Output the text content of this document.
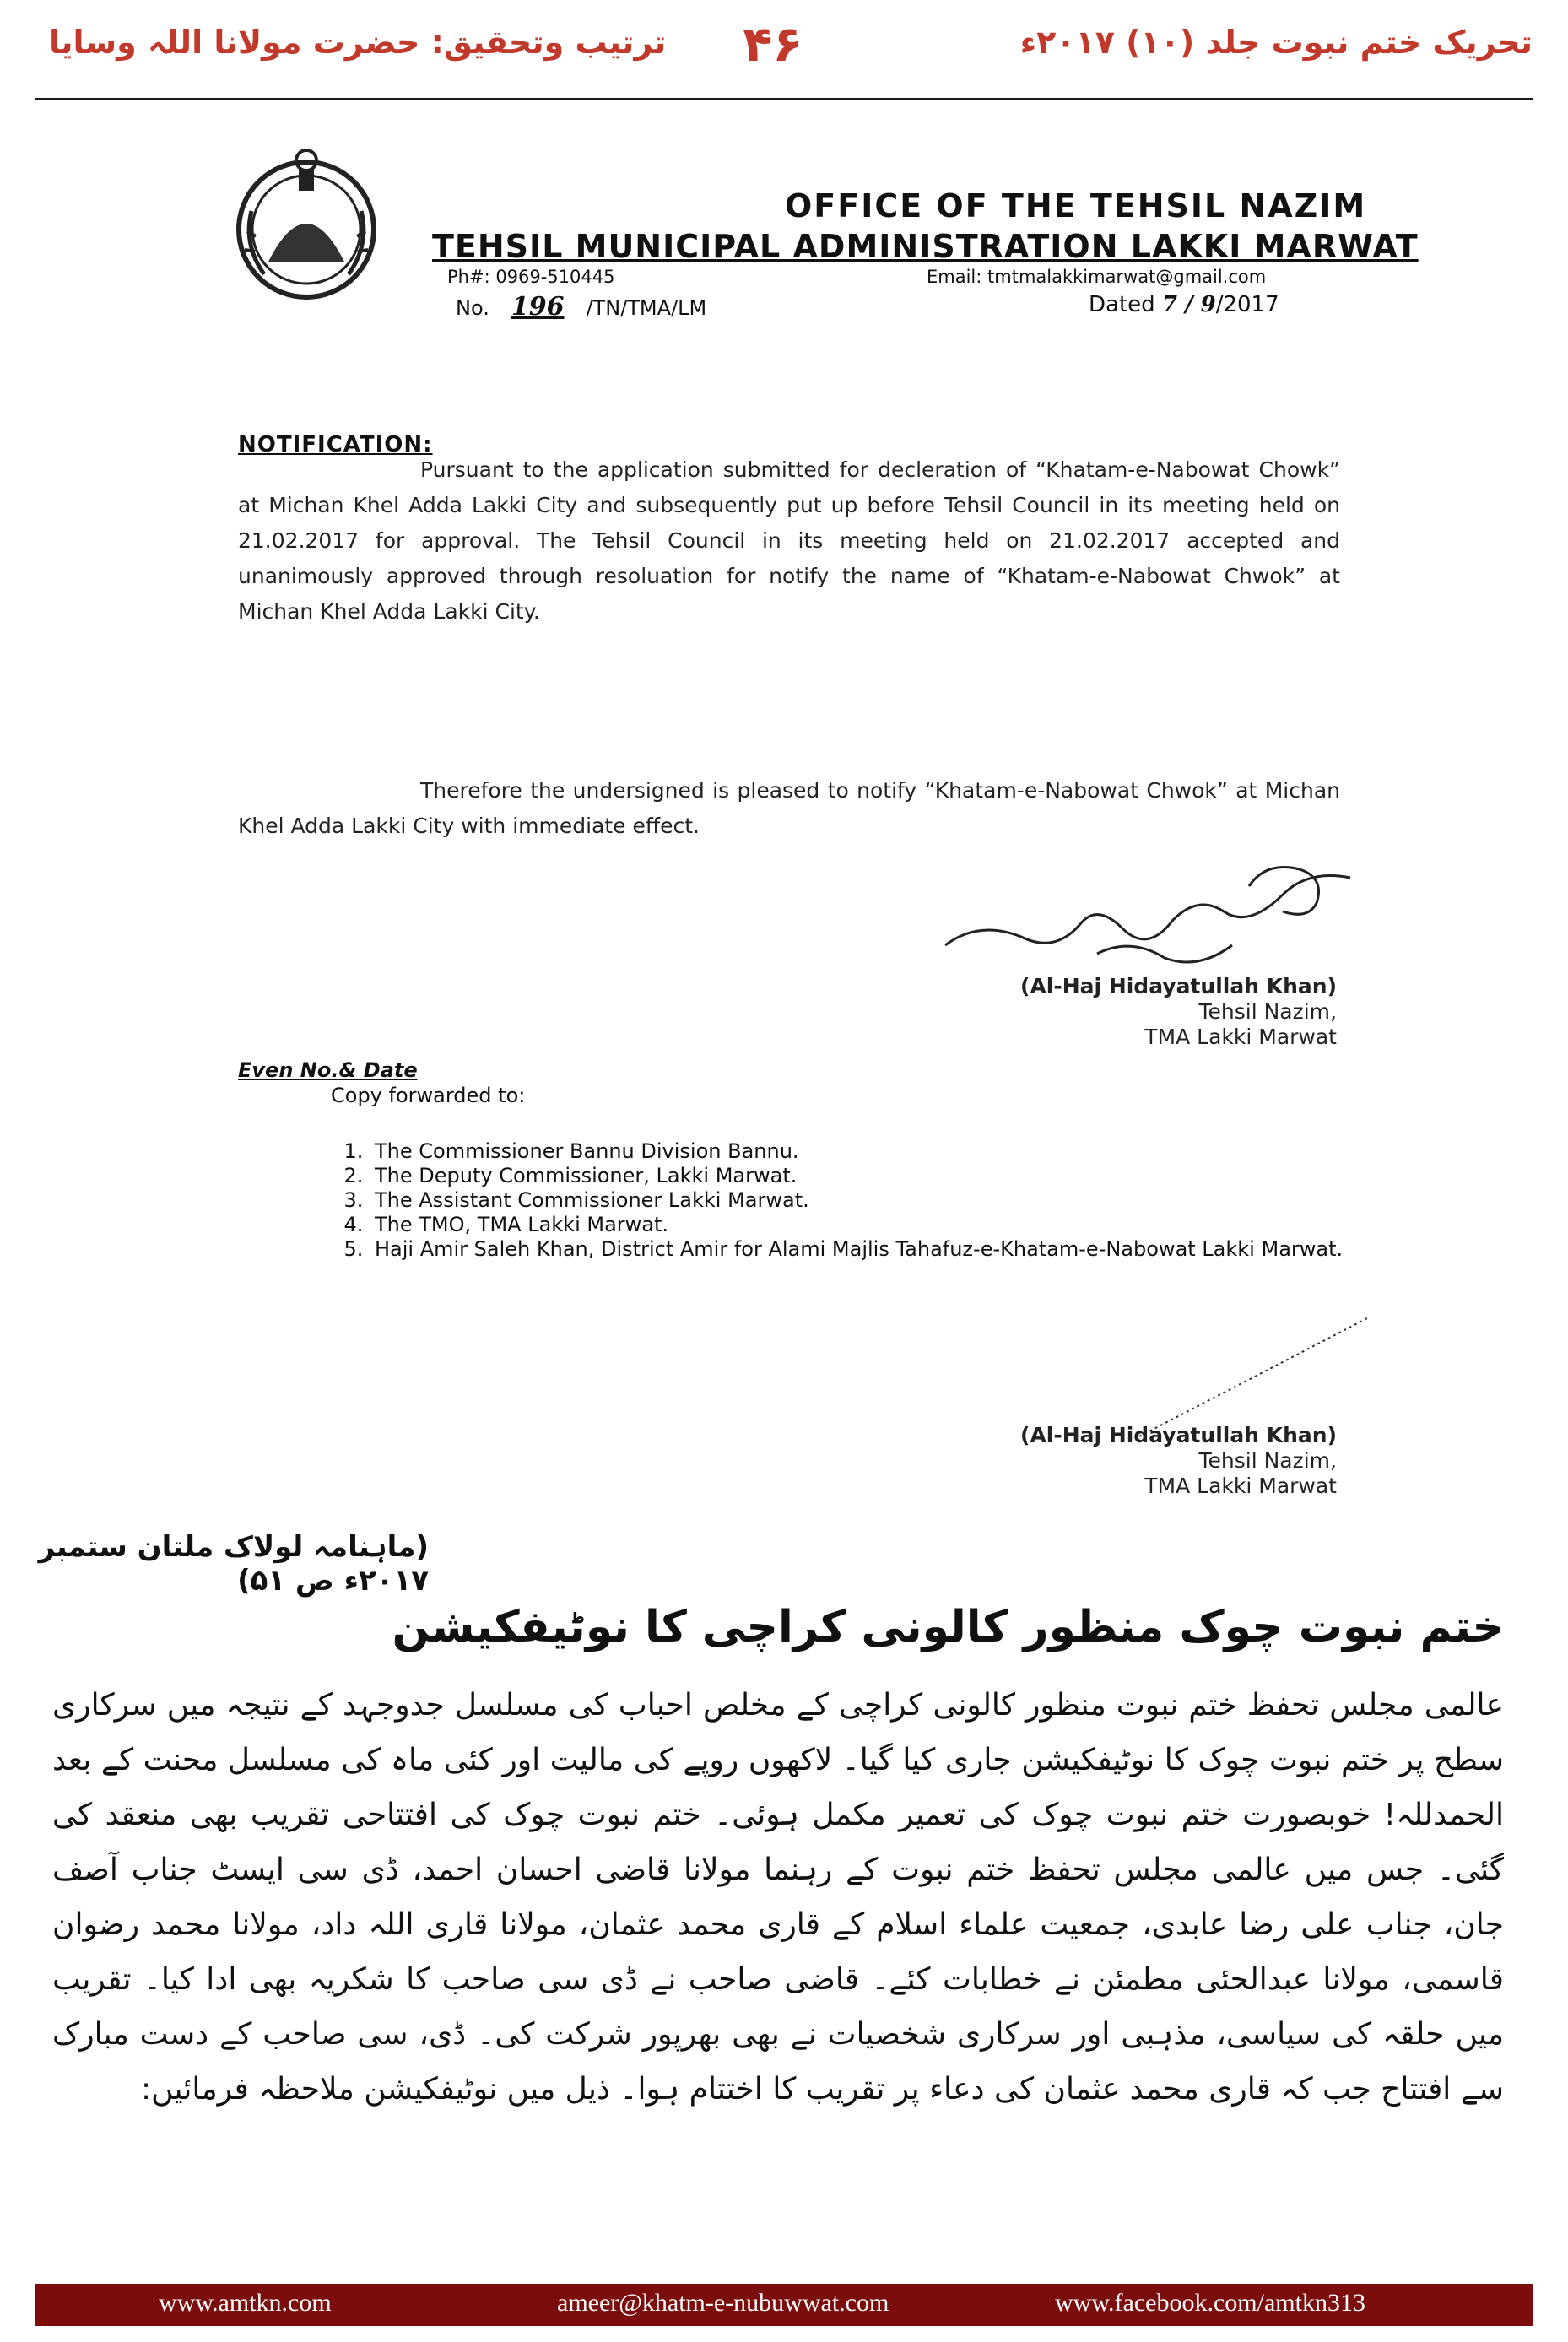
ترتیب وتحقیق: حضرت مولانا اللہ وسایا ۴۶	تحریک ختم نبوت جلد (۱۰) ۲۰۱۷ء
OFFICE OF THE TEHSIL NAZIM
TEHSIL MUNICIPAL ADMINISTRATION LAKKI MARWAT
Ph#: 0969-510445	Email: tmtmalakkimarwat@gmail.com
No. 196 /TN/TMA/LM	Dated 7 / 9/2017
NOTIFICATION:
Pursuant to the application submitted for decleration of “Khatam-e-Nabowat Chowk” at Michan Khel Adda Lakki City and subsequently put up before Tehsil Council in its meeting held on 21.02.2017 for approval. The Tehsil Council in its meeting held on 21.02.2017 accepted and unanimously approved through resoluation for notify the name of “Khatam-e-Nabowat Chwok” at Michan Khel Adda Lakki City.
Therefore the undersigned is pleased to notify “Khatam-e-Nabowat Chwok” at Michan Khel Adda Lakki City with immediate effect.
(Al-Haj Hidayatullah Khan)
Tehsil Nazim,
TMA Lakki Marwat
Even No.& Date
Copy forwarded to:
1. The Commissioner Bannu Division Bannu.
2. The Deputy Commissioner, Lakki Marwat.
3. The Assistant Commissioner Lakki Marwat.
4. The TMO, TMA Lakki Marwat.
5. Haji Amir Saleh Khan, District Amir for Alami Majlis Tahafuz-e-Khatam-e-Nabowat Lakki Marwat.
(Al-Haj Hidayatullah Khan)
Tehsil Nazim,
TMA Lakki Marwat
(ماہنامہ لولاک ملتان ستمبر ۲۰۱۷ء ص ۵۱)
ختم نبوت چوک منظور کالونی کراچی کا نوٹیفکیشن
عالمی مجلس تحفظ ختم نبوت منظور کالونی کراچی کے مخلص احباب کی مسلسل جدوجہد کے نتیجہ میں سرکاری سطح پر ختم نبوت چوک کا نوٹیفکیشن جاری کیا گیا۔ لاکھوں روپے کی مالیت اور کئی ماہ کی مسلسل محنت کے بعد الحمدللہ! خوبصورت ختم نبوت چوک کی تعمیر مکمل ہوئی۔ ختم نبوت چوک کی افتتاحی تقریب بھی منعقد کی گئی۔ جس میں عالمی مجلس تحفظ ختم نبوت کے رہنما مولانا قاضی احسان احمد، ڈی سی ایسٹ جناب آصف جان، جناب علی رضا عابدی، جمعیت علماء اسلام کے قاری محمد عثمان، مولانا قاری اللہ داد، مولانا محمد رضوان قاسمی، مولانا عبدالحئی مطمئن نے خطابات کئے۔ قاضی صاحب نے ڈی سی صاحب کا شکریہ بھی ادا کیا۔ تقریب میں حلقہ کی سیاسی، مذہبی اور سرکاری شخصیات نے بھی بھرپور شرکت کی۔ ڈی، سی صاحب کے دست مبارک سے افتتاح جب کہ قاری محمد عثمان کی دعاء پر تقریب کا اختتام ہوا۔ ذیل میں نوٹیفکیشن ملاحظہ فرمائیں:
www.amtkn.com	ameer@khatm-e-nubuwwat.com	www.facebook.com/amtkn313
